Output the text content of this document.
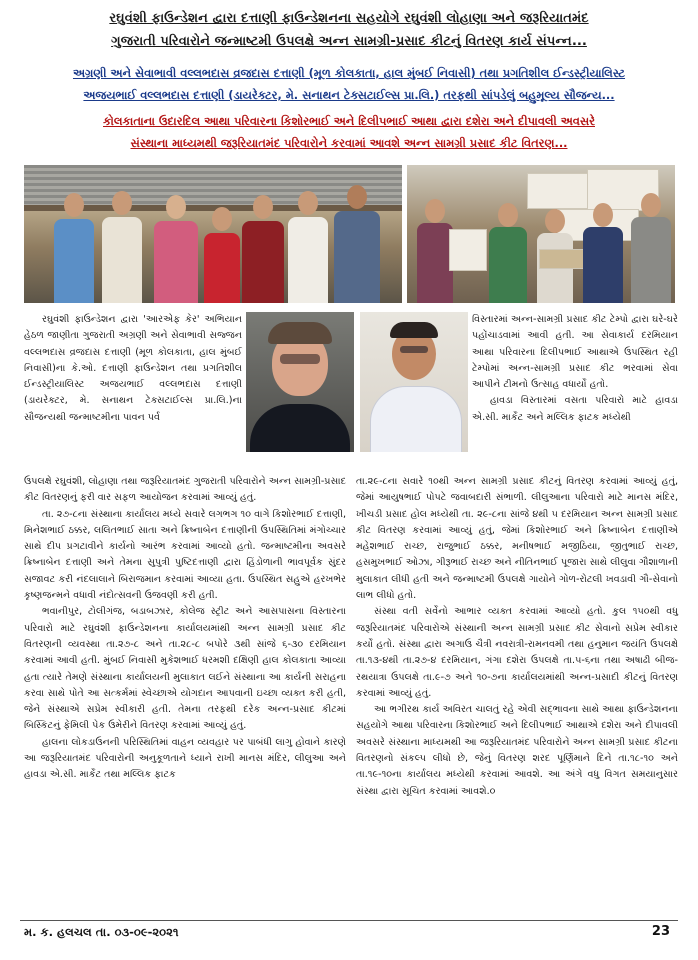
રઘુવંશી ફાઉન્ડેશન દ્વારા દત્તાણી ફાઉન્ડેશનના સહયોગે રઘુવંશી લોહાણા અને જરૂરિયાતમંદ
ગુજરાતી પરિવારોને જન્માષ્ટમી ઉપલક્ષે અન્ન સામગ્રી-પ્રસાદ કીટનું વિતરણ કાર્ય સંપન્ન...
અગ્રણી અને સેવાભાવી વલ્લભદાસ વ્રજદાસ દત્તાણી (મૂળ કોલકાતા, હાલ મુંબઈ નિવાસી) તથા પ્રગતિશીલ ઈન્ડસ્ટ્રીયાલિસ્ટ
અજયભાઈ વલ્લભદાસ દત્તાણી (ડાયરેક્ટર, મે. સનાથન ટેક્સટાઈલ્સ પ્રા.લિ.) તરફથી સાંપડેલું બહુમૂલ્ય સૌજન્ય...
કોલકાતાના ઉદારદિલ આથા પરિવારના કિશોરભાઈ અને દિલીપભાઈ આથા દ્વારા દશેરા અને દીપાવલી અવસરે
સંસ્થાના માધ્યમથી જરૂરિયાતમંદ પરિવારોને કરવામાં આવશે અન્ન સામગ્રી પ્રસાદ કીટ વિતરણ...

રઘુવંશી ફાઉન્ડેશન દ્વારા 'આરએફ કેર' અભિયાન હેઠળ જાણીતા ગુજરાતી અગ્રણી અને સેવાભાવી સજ્જન વલ્લભદાસ વ્રજદાસ દત્તાણી (મૂળ કોલકાતા, હાલ મુંબઈ નિવાસી)ના કે.ઓ. દત્તાણી ફાઉન્ડેશન તથા પ્રગતિશીલ ઈન્ડસ્ટ્રીયાલિસ્ટ અજયભાઈ વલ્લભદાસ દત્તાણી (ડાયરેક્ટર, મે. સનાથન ટેક્સટાઈલ્સ પ્રા.લિ.)ના સૌજન્યથી જન્માષ્ટમીના પાવન પર્વ

ઉપલક્ષે રઘુવંશી, લોહાણા તથા જરૂરિયાતમંદ ગુજરાતી પરિવારોને અન્ન સામગ્રી-પ્રસાદ કીટ વિતરણનું ફરી વાર સફળ આયોજન કરવામાં આવ્યું હતું.

તા. ૨૭-૮ના સંસ્થાના કાર્યાલય મધ્યે સવારે લગભગ ૧૦ વાગે કિશોરભાઈ દત્તાણી, મિનેશભાઈ ઠક્કર, લલિતભાઈ સાતા અને ક્રિષ્નાબેન દત્તાણીની ઉપસ્થિતિમાં મંગોચ્ચાર સાથે દીપ પ્રગટાવીને કાર્યનો આરંભ કરવામાં આવ્યો હતો. જન્માષ્ટમીના અવસરે ક્રિષ્નાબેન દત્તાણી અને તેમના સુપુત્રી પુષ્ટિદત્તાણી દ્વારા હિંડોળાની ભાવપૂર્વક સુંદર સજાવટ કરી નંદલાલાને બિરાજમાન કરવામાં આવ્યા હતા. ઉપસ્થિત સહુએ હરખભેર કૃષ્ણજન્મને વધાવી નંદોત્સવની ઉજવણી કરી હતી.

ભવાનીપુર, ટોલીગંજ, બડાબઝાર, કોલેજ સ્ટ્રીટ અને આસપાસના વિસ્તારના પરિવારો માટે રઘુવંશી ફાઉન્ડેશનના કાર્યાલયમાંથી અન્ન સામગ્રી પ્રસાદ કીટ વિતરણની વ્યવસ્થા તા.૨૭-૮ અને તા.૨૮-૮ બપોરે ૩થી સાંજે ૬-૩૦ દરમિયાન કરવામાં આવી હતી. મુંબઈ નિવાસી મુકેશભાઈ ધરમશી દક્ષિણી હાલ કોલકાતા આવ્યા હતા ત્યારે તેમણે સંસ્થાના કાર્યાલયની મુલાકાત લઈને સંસ્થાના આ કાર્યની સરાહના કરવા સાથે પોતે આ સત્કર્મમાં સ્વેચ્છાએ યોગદાન આપવાની ઇચ્છા વ્યક્ત કરી હતી, જેને સંસ્થાએ સપ્રેમ સ્વીકારી હતી. તેમના તરફથી દરેક અન્ન-પ્રસાદ કીટમાં બિસ્કિટનું ફેમિલી પેક ઉમેરીને વિતરણ કરવામાં આવ્યું હતું.

હાલના લોકડાઉનની પરિસ્થિતિમાં વાહન વ્યવહાર પર પાબંધી લાગુ હોવાને કારણે આ જરૂરિયાતમંદ પરિવારોની અનુકૂળતાને ધ્યાને રાખી માનસ મંદિર, લીલુઆ અને હાવડા એ.સી. માર્કેટ તથા મલ્લિક ફાટક

વિસ્તારમાં અન્ન-સામગ્રી પ્રસાદ કીટ ટેમ્પો દ્વારા ઘરે-ઘરે પહોંચાડવામાં આવી હતી. આ સેવાકાર્ય દરમિયાન આથા પરિવારના દિલીપભાઈ આથાએ ઉપસ્થિત રહી ટેમ્પોમાં અન્ન-સામગ્રી પ્રસાદ કીટ ભરવામાં સેવા આપીને ટીમનો ઉત્સાહ વધાર્યો હતો.

હાવડા વિસ્તારમાં વસતા પરિવારો માટે હાવડા એ.સી. માર્કેટ અને મલ્લિક ફાટક મધ્યેથી

તા.૨૯-૮ના સવારે ૧૦થી અન્ન સામગ્રી પ્રસાદ કીટનું વિતરણ કરવામાં આવ્યું હતું, જેમાં આયુષભાઈ પોપટે જવાબદારી સંભાળી. લીલુઆના પરિવારો માટે માનસ મંદિર, ખીચડી પ્રસાદ હોલ મધ્યેથી તા. ૨૯-૮ના સાંજે ૪થી ૫ દરમિયાન અન્ન સામગ્રી પ્રસાદ કીટ વિતરણ કરવામાં આવ્યું હતું, જેમાં કિશોરભાઈ અને ક્રિષ્નાબેન દત્તાણીએ મહેશભાઈ રાચ્છ, રાજુભાઈ ઠક્કર, મનીષભાઈ મજીઠિયા, જીતુભાઈ રાચ્છ, હસમુખભાઈ ઓઝા, ગીરૂભાઈ રાચ્છ અને નીતિનભાઈ પૂજારા સાથે લીલુવા ગૌશાળાની મુલાકાત લીધી હતી અને જન્માષ્ટમી ઉપલક્ષે ગાયોને ગોળ-રોટલી ખવડાવી ગૌ-સેવાનો લાભ લીધો હતો.

સંસ્થા વતી સર્વેનો આભાર વ્યક્ત કરવામાં આવ્યો હતો. કુલ ૧૫૦થી વધુ જરૂરિયાતમંદ પરિવારોએ સંસ્થાની અન્ન સામગ્રી પ્રસાદ કીટ સેવાનો સપ્રેમ સ્વીકાર કર્યો હતો. સંસ્થા દ્વારા અગાઉ ચૈત્રી નવરાત્રી-રામનવમી તથા હનુમાન જયંતિ ઉપલક્ષે તા.૧૩-૪થી તા.૨૭-૪ દરમિયાન, ગંગા દશેરા ઉપલક્ષે તા.૫-૬ના તથા અષાઢી બીજ-રથયાત્રા ઉપલક્ષે તા.૯-૭ અને ૧૦-૭ના કાર્યાલયમાંથી અન્ન-પ્રસાદી કીટનું વિતરણ કરવામાં આવ્યું હતું.

આ ભગીરથ કાર્ય અવિરત ચાલતું રહે એવી સદ્ભાવના સાથે આથા ફાઉન્ડેશનના સહયોગે આથા પરિવારના કિશોરભાઈ અને દિલીપભાઈ આથાએ દશેરા અને દીપાવલી અવસરે સંસ્થાના માધ્યમથી આ જરૂરિયાતમંદ પરિવારોને અન્ન સામગ્રી પ્રસાદ કીટના વિતરણનો સંકલ્પ લીધો છે, જેનું વિતરણ શરદ પૂર્ણિમાને દિને તા.૧૮-૧૦ અને તા.૧૯-૧૦ના કાર્યાલય મધ્યેથી કરવામાં આવશે. આ અંગે વધુ વિગત સમયાનુસાર સંસ્થા દ્વારા સૂચિત કરવામાં આવશે.૦

મ. ક. હલચલ તા. ૦૩-૦૯-૨૦૨૧	23
